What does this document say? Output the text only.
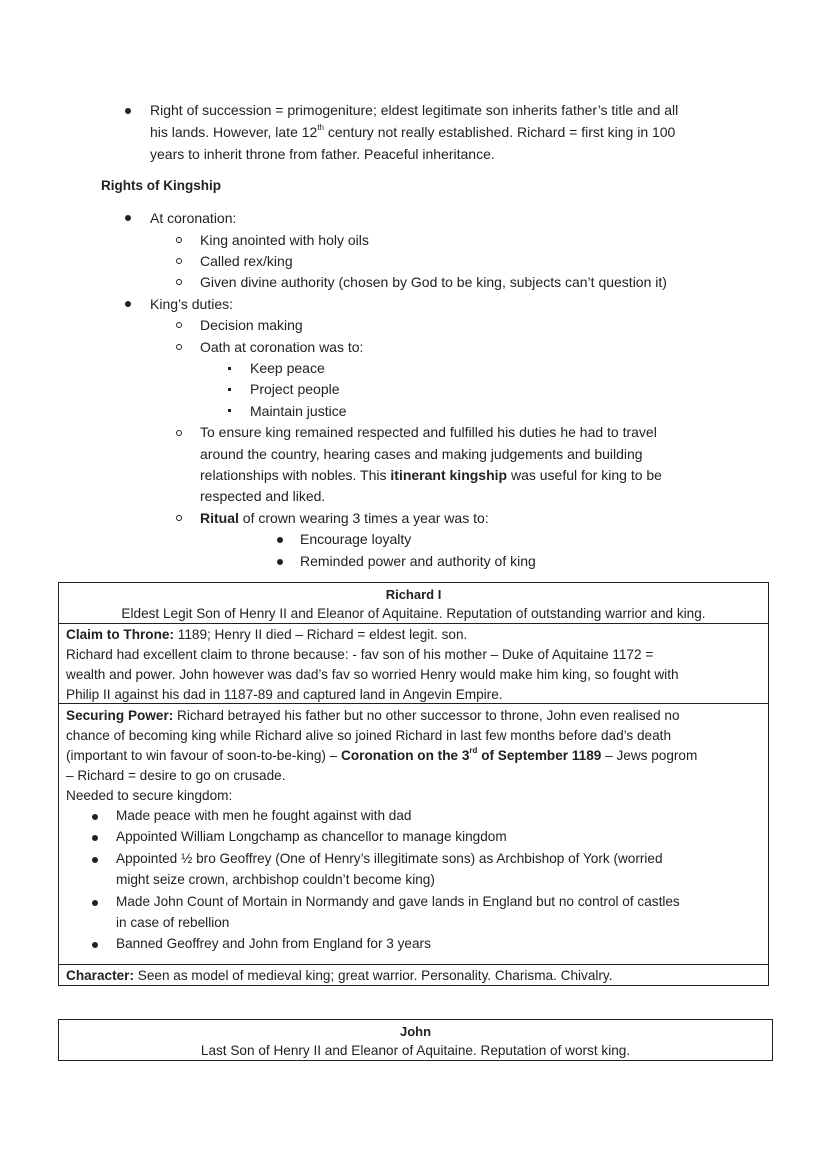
Right of succession = primogeniture; eldest legitimate son inherits father’s title and all
his lands. However, late 12th century not really established. Richard = first king in 100
years to inherit throne from father. Peaceful inheritance.
Rights of Kingship
At coronation:
King anointed with holy oils
Called rex/king
Given divine authority (chosen by God to be king, subjects can’t question it)
King’s duties:
Decision making
Oath at coronation was to:
Keep peace
Project people
Maintain justice
To ensure king remained respected and fulfilled his duties he had to travel
around the country, hearing cases and making judgements and building
relationships with nobles. This itinerant kingship was useful for king to be
respected and liked.
Ritual of crown wearing 3 times a year was to:
Encourage loyalty
Reminded power and authority of king
Richard I
Eldest Legit Son of Henry II and Eleanor of Aquitaine. Reputation of outstanding warrior and king.
Claim to Throne: 1189; Henry II died – Richard = eldest legit. son.
Richard had excellent claim to throne because: - fav son of his mother – Duke of Aquitaine 1172 =
wealth and power. John however was dad’s fav so worried Henry would make him king, so fought with
Philip II against his dad in 1187-89 and captured land in Angevin Empire.
Securing Power: Richard betrayed his father but no other successor to throne, John even realised no
chance of becoming king while Richard alive so joined Richard in last few months before dad’s death
(important to win favour of soon-to-be-king) – Coronation on the 3rd of September 1189 – Jews pogrom
– Richard = desire to go on crusade.
Needed to secure kingdom:
Made peace with men he fought against with dad
Appointed William Longchamp as chancellor to manage kingdom
Appointed ½ bro Geoffrey (One of Henry’s illegitimate sons) as Archbishop of York (worried
might seize crown, archbishop couldn’t become king)
Made John Count of Mortain in Normandy and gave lands in England but no control of castles
in case of rebellion
Banned Geoffrey and John from England for 3 years
Character: Seen as model of medieval king; great warrior. Personality. Charisma. Chivalry.
John
Last Son of Henry II and Eleanor of Aquitaine. Reputation of worst king.
